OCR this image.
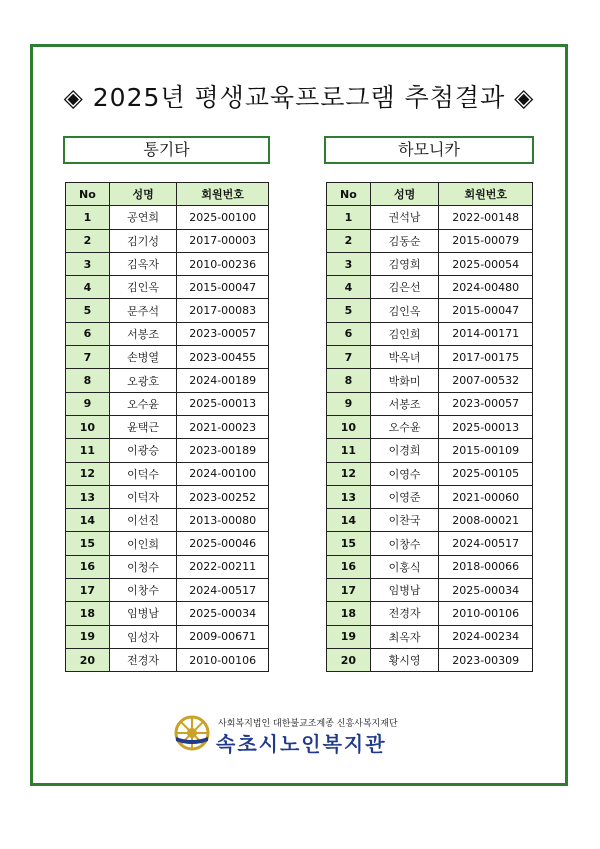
◈ 2025년 평생교육프로그램 추첨결과 ◈
통기타	하모니카
No	성명	회원번호
1	공연희	2025-00100
2	김기성	2017-00003
3	김옥자	2010-00236
4	김인옥	2015-00047
5	문주석	2017-00083
6	서봉조	2023-00057
7	손병열	2023-00455
8	오광호	2024-00189
9	오수윤	2025-00013
10	윤택근	2021-00023
11	이광승	2023-00189
12	이덕수	2024-00100
13	이덕자	2023-00252
14	이선진	2013-00080
15	이인희	2025-00046
16	이청수	2022-00211
17	이창수	2024-00517
18	임병남	2025-00034
19	임성자	2009-00671
20	전경자	2010-00106
No	성명	회원번호
1	권석남	2022-00148
2	김동순	2015-00079
3	김영희	2025-00054
4	김은선	2024-00480
5	김인옥	2015-00047
6	김인희	2014-00171
7	박옥녀	2017-00175
8	박화미	2007-00532
9	서봉조	2023-00057
10	오수윤	2025-00013
11	이경희	2015-00109
12	이영수	2025-00105
13	이영준	2021-00060
14	이찬국	2008-00021
15	이창수	2024-00517
16	이홍식	2018-00066
17	임병남	2025-00034
18	전경자	2010-00106
19	최옥자	2024-00234
20	황시영	2023-00309
사회복지법인 대한불교조계종 신흥사복지재단
속초시노인복지관
